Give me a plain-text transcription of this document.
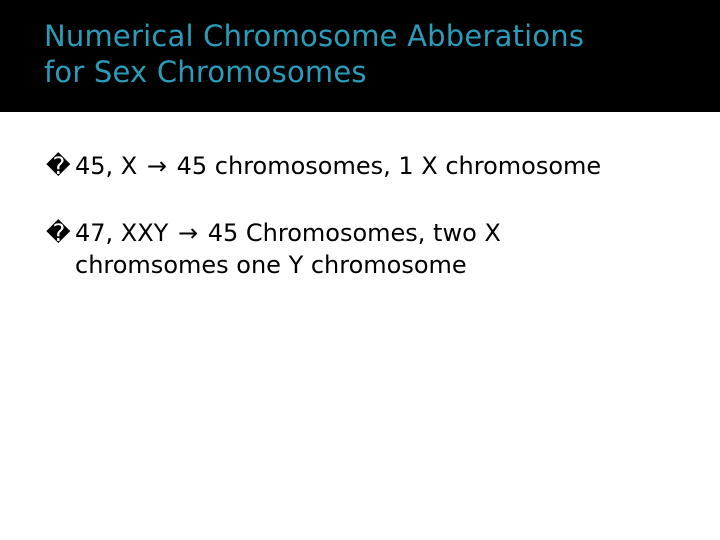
Numerical Chromosome Abberations
for Sex Chromosomes
� 45, X → 45 chromosomes, 1 X chromosome
� 47, XXY → 45 Chromosomes, two X
chromsomes one Y chromosome
